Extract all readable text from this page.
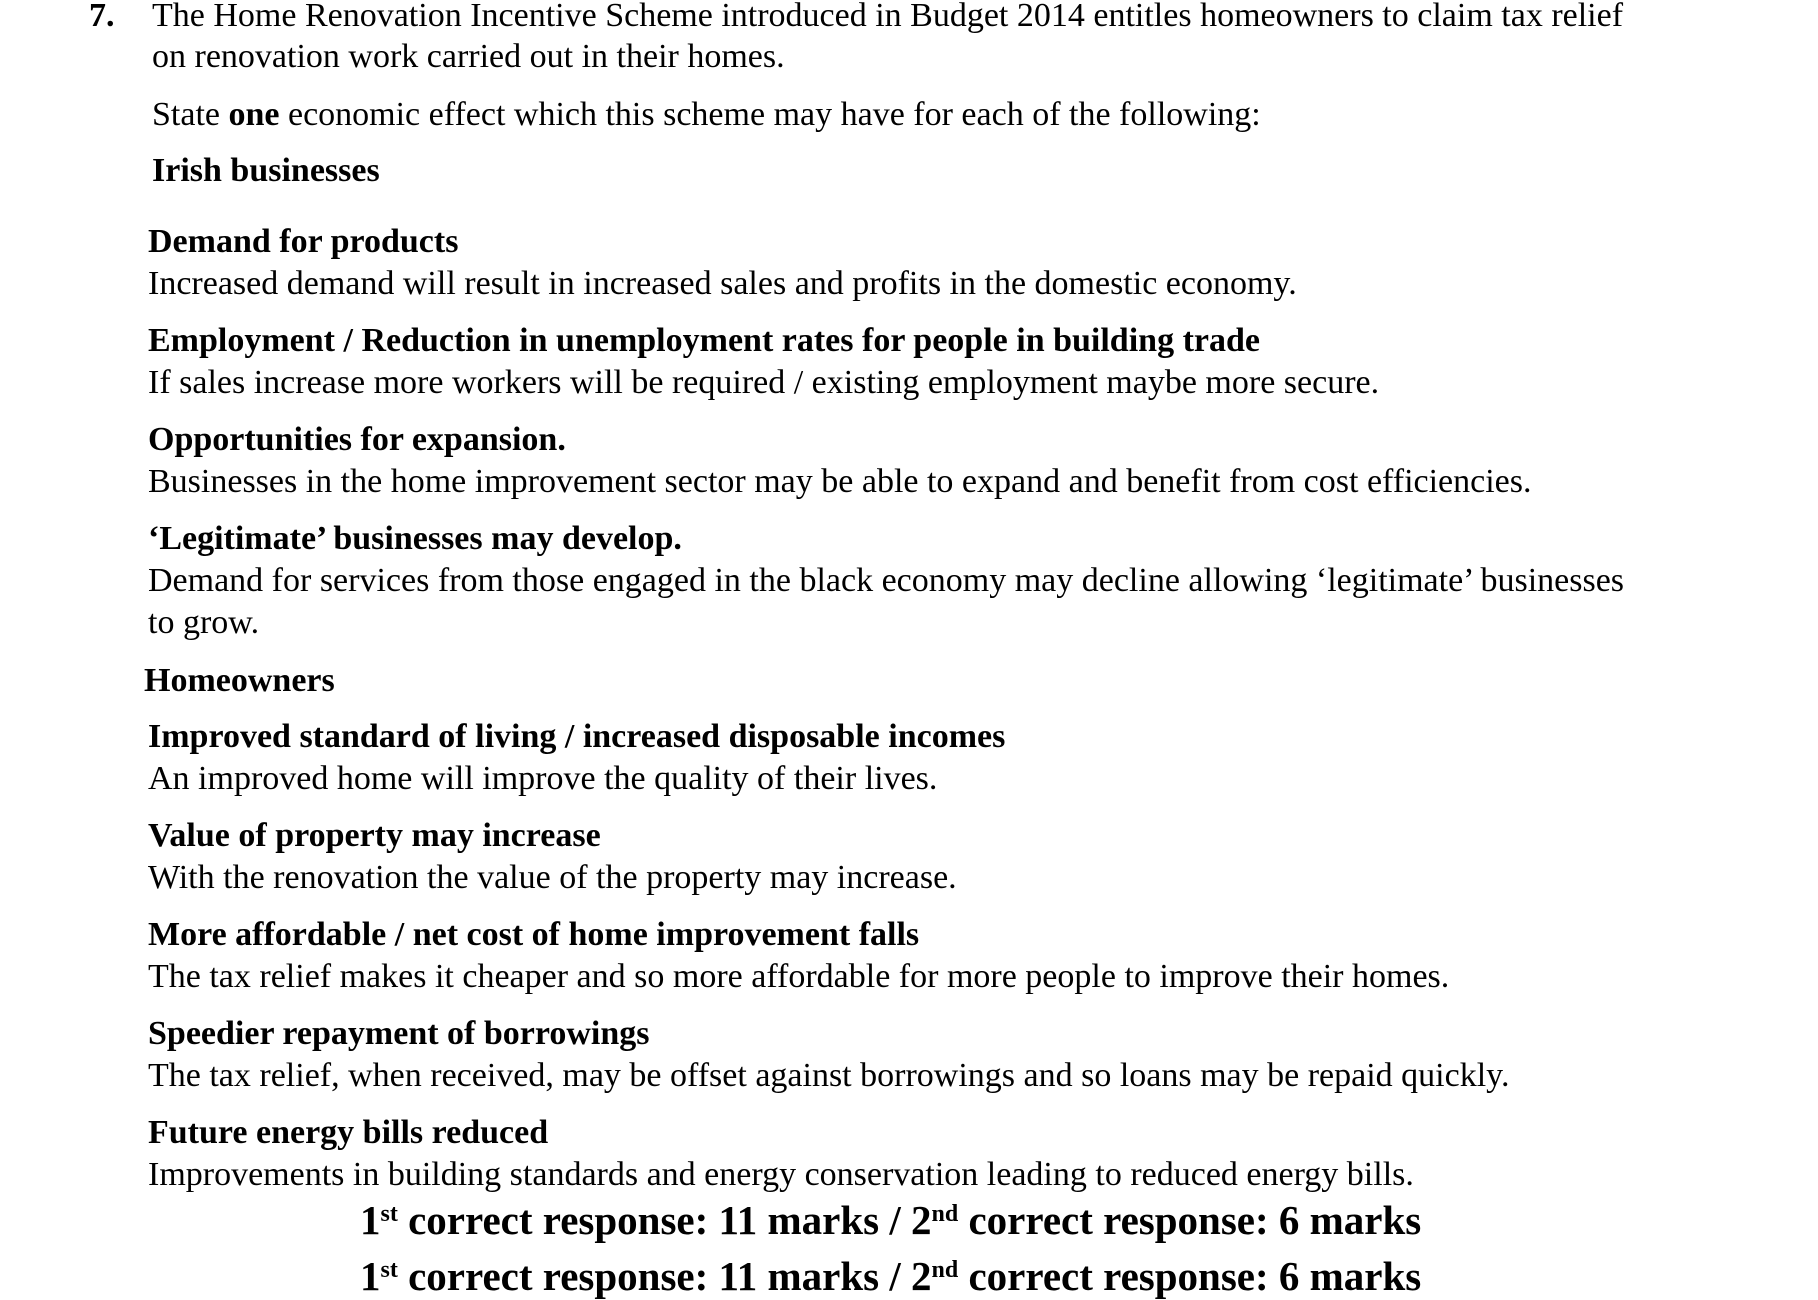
7. The Home Renovation Incentive Scheme introduced in Budget 2014 entitles homeowners to claim tax relief
on renovation work carried out in their homes.
State one economic effect which this scheme may have for each of the following:
Irish businesses
Demand for products
Increased demand will result in increased sales and profits in the domestic economy.
Employment / Reduction in unemployment rates for people in building trade
If sales increase more workers will be required / existing employment maybe more secure.
Opportunities for expansion.
Businesses in the home improvement sector may be able to expand and benefit from cost efficiencies.
‘Legitimate’ businesses may develop.
Demand for services from those engaged in the black economy may decline allowing ‘legitimate’ businesses
to grow.
Homeowners
Improved standard of living / increased disposable incomes
An improved home will improve the quality of their lives.
Value of property may increase
With the renovation the value of the property may increase.
More affordable / net cost of home improvement falls
The tax relief makes it cheaper and so more affordable for more people to improve their homes.
Speedier repayment of borrowings
The tax relief, when received, may be offset against borrowings and so loans may be repaid quickly.
Future energy bills reduced
Improvements in building standards and energy conservation leading to reduced energy bills.
1st correct response: 11 marks / 2nd correct response: 6 marks
1st correct response: 11 marks / 2nd correct response: 6 marks
